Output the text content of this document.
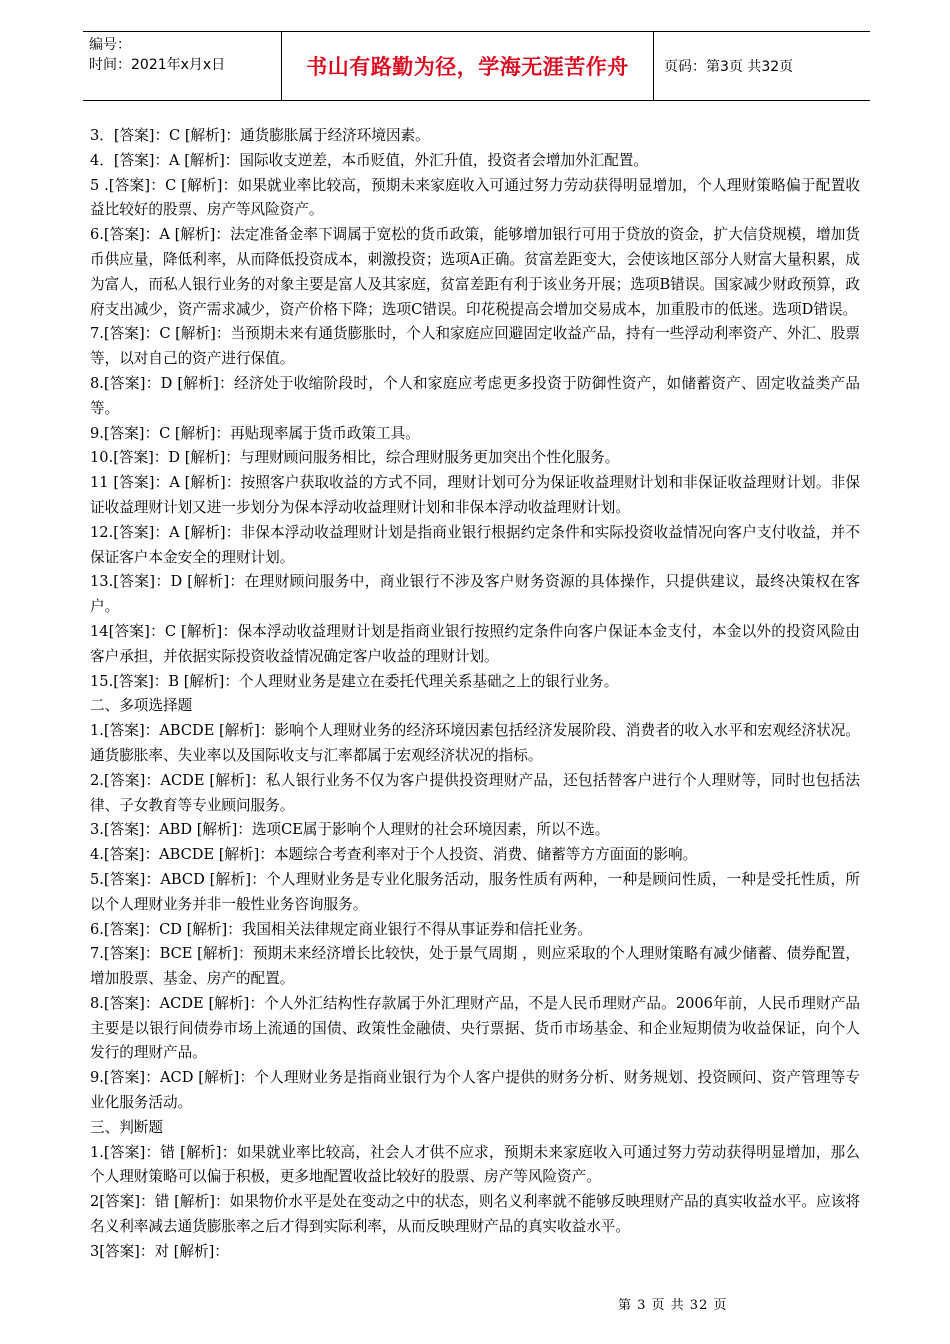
编号：
时间：2021年x月x日	书山有路勤为径，学海无涯苦作舟	页码：第3页 共32页

3．[答案]：C [解析]：通货膨胀属于经济环境因素。

4．[答案]：A [解析]：国际收支逆差，本币贬值，外汇升值，投资者会增加外汇配置。

5 .[答案]：C [解析]：如果就业率比较高，预期未来家庭收入可通过努力劳动获得明显增加，个人理财策略偏于配置收益比较好的股票、房产等风险资产。

6.[答案]：A [解析]：法定准备金率下调属于宽松的货币政策，能够增加银行可用于贷放的资金，扩大信贷规模，增加货币供应量，降低利率，从而降低投资成本，刺激投资；选项A正确。贫富差距变大，会使该地区部分人财富大量积累，成为富人，而私人银行业务的对象主要是富人及其家庭，贫富差距有利于该业务开展；选项B错误。国家减少财政预算，政府支出减少，资产需求减少，资产价格下降；选项C错误。印花税提高会增加交易成本，加重股市的低迷。选项D错误。

7.[答案]：C [解析]：当预期未来有通货膨胀时，个人和家庭应回避固定收益产品，持有一些浮动利率资产、外汇、股票等，以对自己的资产进行保值。

8.[答案]：D [解析]：经济处于收缩阶段时，个人和家庭应考虑更多投资于防御性资产，如储蓄资产、固定收益类产品等。

9.[答案]：C [解析]：再贴现率属于货币政策工具。

10.[答案]：D [解析]：与理财顾问服务相比，综合理财服务更加突出个性化服务。

11 [答案]：A [解析]：按照客户获取收益的方式不同，理财计划可分为保证收益理财计划和非保证收益理财计划。非保证收益理财计划又进一步划分为保本浮动收益理财计划和非保本浮动收益理财计划。

12.[答案]：A [解析]：非保本浮动收益理财计划是指商业银行根据约定条件和实际投资收益情况向客户支付收益，并不保证客户本金安全的理财计划。

13.[答案]：D [解析]：在理财顾问服务中，商业银行不涉及客户财务资源的具体操作，只提供建议，最终决策权在客户。

14[答案]：C [解析]：保本浮动收益理财计划是指商业银行按照约定条件向客户保证本金支付，本金以外的投资风险由客户承担，并依据实际投资收益情况确定客户收益的理财计划。

15.[答案]：B [解析]：个人理财业务是建立在委托代理关系基础之上的银行业务。

二、多项选择题

1.[答案]：ABCDE [解析]：影响个人理财业务的经济环境因素包括经济发展阶段、消费者的收入水平和宏观经济状况。通货膨胀率、失业率以及国际收支与汇率都属于宏观经济状况的指标。

2.[答案]：ACDE [解析]：私人银行业务不仅为客户提供投资理财产品，还包括替客户进行个人理财等，同时也包括法律、子女教育等专业顾问服务。

3.[答案]：ABD [解析]：选项CE属于影响个人理财的社会环境因素，所以不选。

4.[答案]：ABCDE [解析]：本题综合考查利率对于个人投资、消费、储蓄等方方面面的影响。

5.[答案]：ABCD [解析]：个人理财业务是专业化服务活动，服务性质有两种，一种是顾问性质，一种是受托性质，所以个人理财业务并非一般性业务咨询服务。

6.[答案]：CD [解析]：我国相关法律规定商业银行不得从事证券和信托业务。

7.[答案]：BCE [解析]：预期未来经济增长比较快，处于景气周期 ，则应采取的个人理财策略有减少储蓄、债券配置，增加股票、基金、房产的配置。

8.[答案]：ACDE [解析]：个人外汇结构性存款属于外汇理财产品，不是人民币理财产品。2006年前，人民币理财产品主要是以银行间债券市场上流通的国债、政策性金融债、央行票据、货币市场基金、和企业短期债为收益保证，向个人发行的理财产品。

9.[答案]：ACD [解析]：个人理财业务是指商业银行为个人客户提供的财务分析、财务规划、投资顾问、资产管理等专业化服务活动。

三、判断题

1.[答案]：错 [解析]：如果就业率比较高，社会人才供不应求，预期未来家庭收入可通过努力劳动获得明显增加，那么个人理财策略可以偏于积极，更多地配置收益比较好的股票、房产等风险资产。

2[答案]：错 [解析]：如果物价水平是处在变动之中的状态，则名义利率就不能够反映理财产品的真实收益水平。应该将名义利率减去通货膨胀率之后才得到实际利率，从而反映理财产品的真实收益水平。

3[答案]：对 [解析]：

第 3 页 共 32 页
